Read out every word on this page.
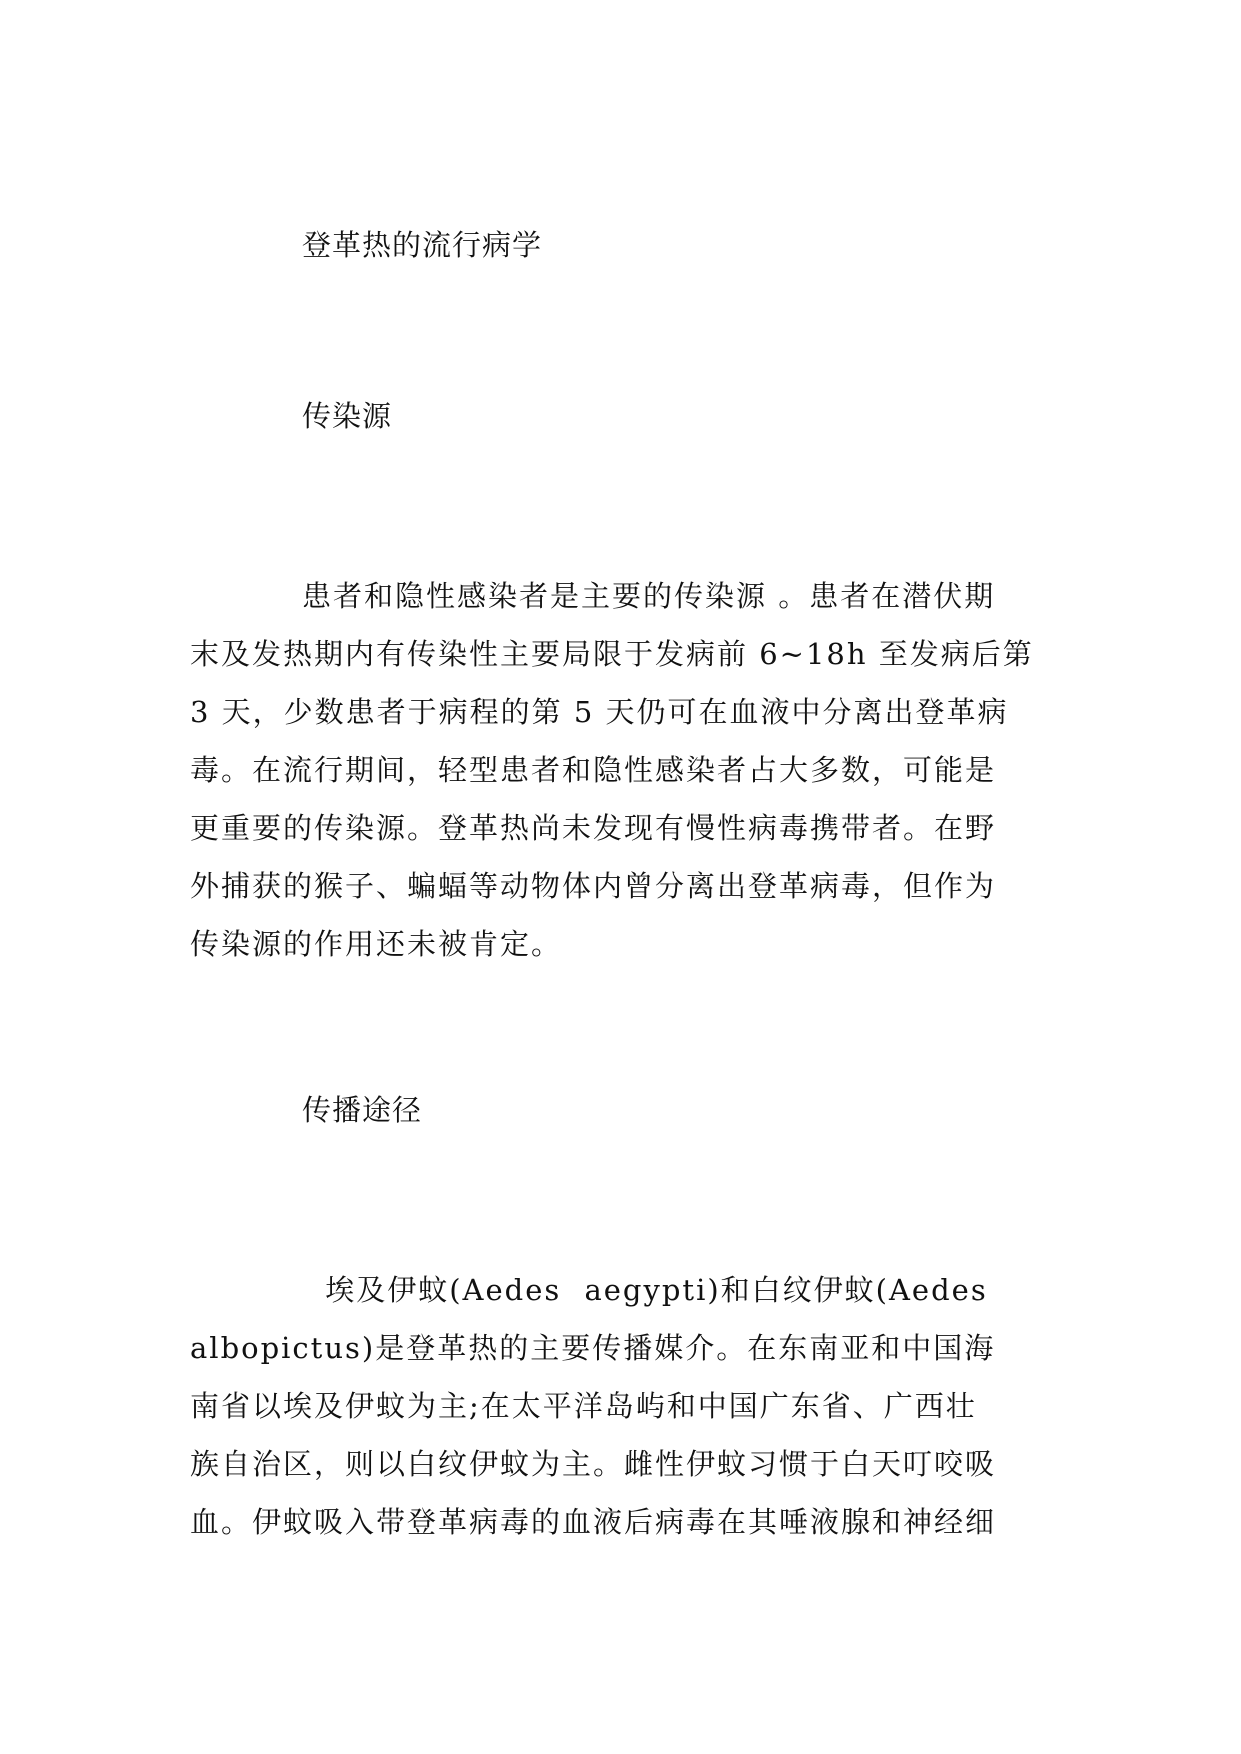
登革热的流行病学
传染源
患者和隐性感染者是主要的传染源 。患者在潜伏期
末及发热期内有传染性主要局限于发病前 6~18h 至发病后第
3 天，少数患者于病程的第 5 天仍可在血液中分离出登革病
毒。在流行期间，轻型患者和隐性感染者占大多数，可能是
更重要的传染源。登革热尚未发现有慢性病毒携带者。在野
外捕获的猴子、蝙蝠等动物体内曾分离出登革病毒，但作为
传染源的作用还未被肯定。
传播途径
埃及伊蚊(Aedes aegypti)和白纹伊蚊(Aedes
albopictus)是登革热的主要传播媒介。在东南亚和中国海
南省以埃及伊蚊为主;在太平洋岛屿和中国广东省、广西壮
族自治区，则以白纹伊蚊为主。雌性伊蚊习惯于白天叮咬吸
血。伊蚊吸入带登革病毒的血液后病毒在其唾液腺和神经细
